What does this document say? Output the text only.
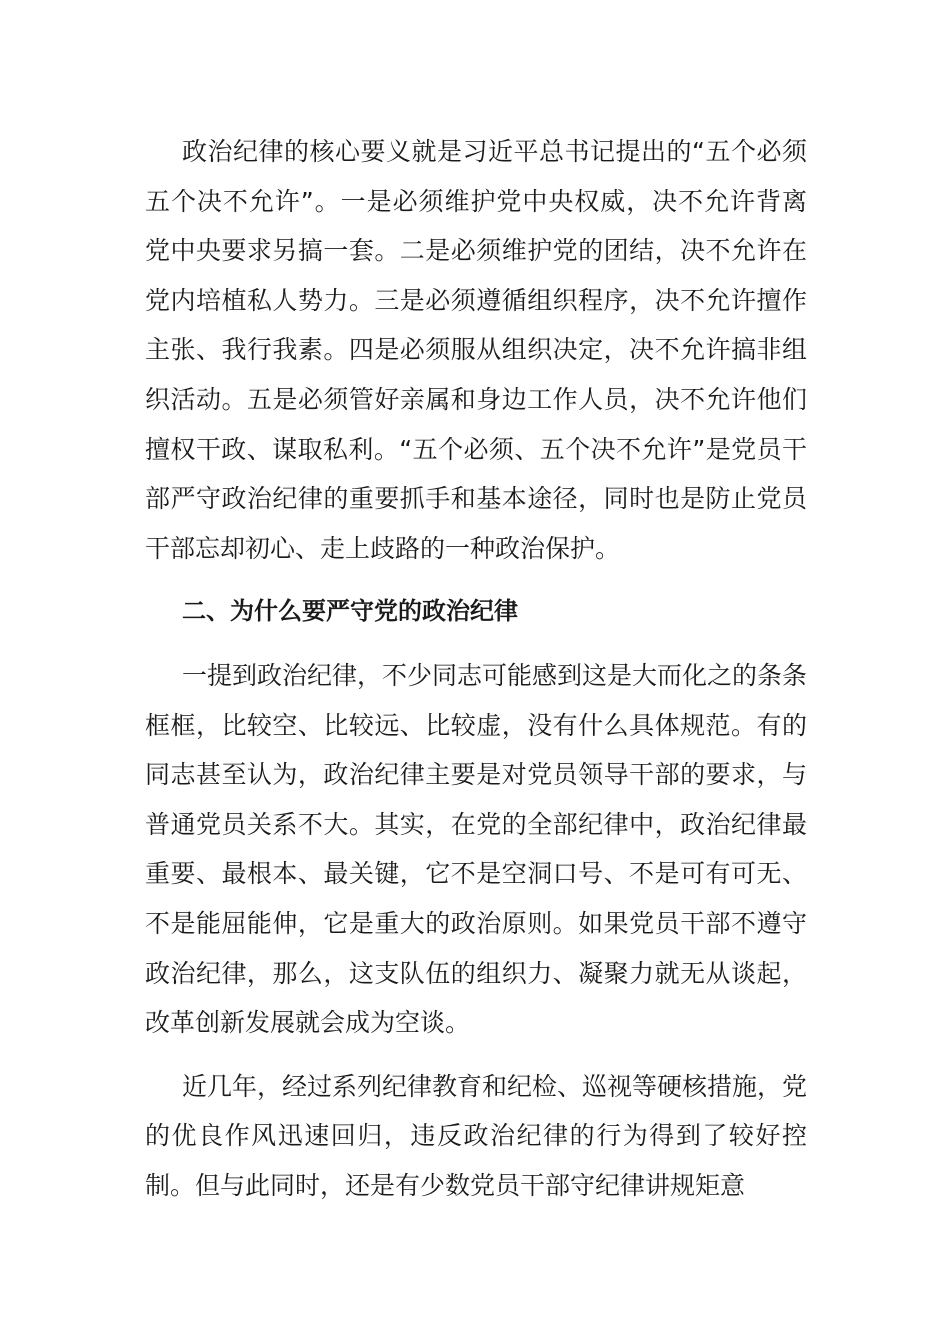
政治纪律的核心要义就是习近平总书记提出的“五个必须五个决不允许”。一是必须维护党中央权威，决不允许背离党中央要求另搞一套。二是必须维护党的团结，决不允许在党内培植私人势力。三是必须遵循组织程序，决不允许擅作主张、我行我素。四是必须服从组织决定，决不允许搞非组织活动。五是必须管好亲属和身边工作人员，决不允许他们擅权干政、谋取私利。“五个必须、五个决不允许”是党员干部严守政治纪律的重要抓手和基本途径，同时也是防止党员干部忘却初心、走上歧路的一种政治保护。

二、为什么要严守党的政治纪律

一提到政治纪律，不少同志可能感到这是大而化之的条条框框，比较空、比较远、比较虚，没有什么具体规范。有的同志甚至认为，政治纪律主要是对党员领导干部的要求，与普通党员关系不大。其实，在党的全部纪律中，政治纪律最重要、最根本、最关键，它不是空洞口号、不是可有可无、不是能屈能伸，它是重大的政治原则。如果党员干部不遵守政治纪律，那么，这支队伍的组织力、凝聚力就无从谈起，改革创新发展就会成为空谈。

近几年，经过系列纪律教育和纪检、巡视等硬核措施，党的优良作风迅速回归，违反政治纪律的行为得到了较好控制。但与此同时，还是有少数党员干部守纪律讲规矩意
